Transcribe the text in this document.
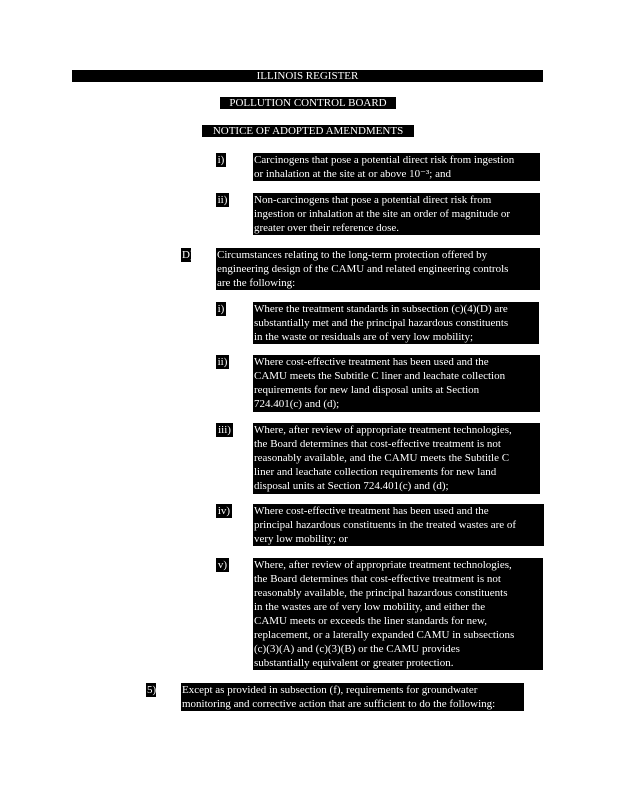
ILLINOIS REGISTER
POLLUTION CONTROL BOARD
NOTICE OF ADOPTED AMENDMENTS
i)	Carcinogens that pose a potential direct risk from ingestion
or inhalation at the site at or above 10⁻³; and
ii) Non-carcinogens that pose a potential direct risk from
ingestion or inhalation at the site an order of magnitude or
greater over their reference dose.
D) Circumstances relating to the long-term protection offered by
engineering design of the CAMU and related engineering controls
are the following:
i)	Where the treatment standards in subsection (c)(4)(D) are
substantially met and the principal hazardous constituents
in the waste or residuals are of very low mobility;
ii) Where cost-effective treatment has been used and the
CAMU meets the Subtitle C liner and leachate collection
requirements for new land disposal units at Section
724.401(c) and (d);
iii) Where, after review of appropriate treatment technologies,
the Board determines that cost-effective treatment is not
reasonably available, and the CAMU meets the Subtitle C
liner and leachate collection requirements for new land
disposal units at Section 724.401(c) and (d);
iv) Where cost-effective treatment has been used and the
principal hazardous constituents in the treated wastes are of
very low mobility; or
v) Where, after review of appropriate treatment technologies,
the Board determines that cost-effective treatment is not
reasonably available, the principal hazardous constituents
in the wastes are of very low mobility, and either the
CAMU meets or exceeds the liner standards for new,
replacement, or a laterally expanded CAMU in subsections
(c)(3)(A) and (c)(3)(B) or the CAMU provides
substantially equivalent or greater protection.
5) Except as provided in subsection (f), requirements for groundwater
monitoring and corrective action that are sufficient to do the following:
